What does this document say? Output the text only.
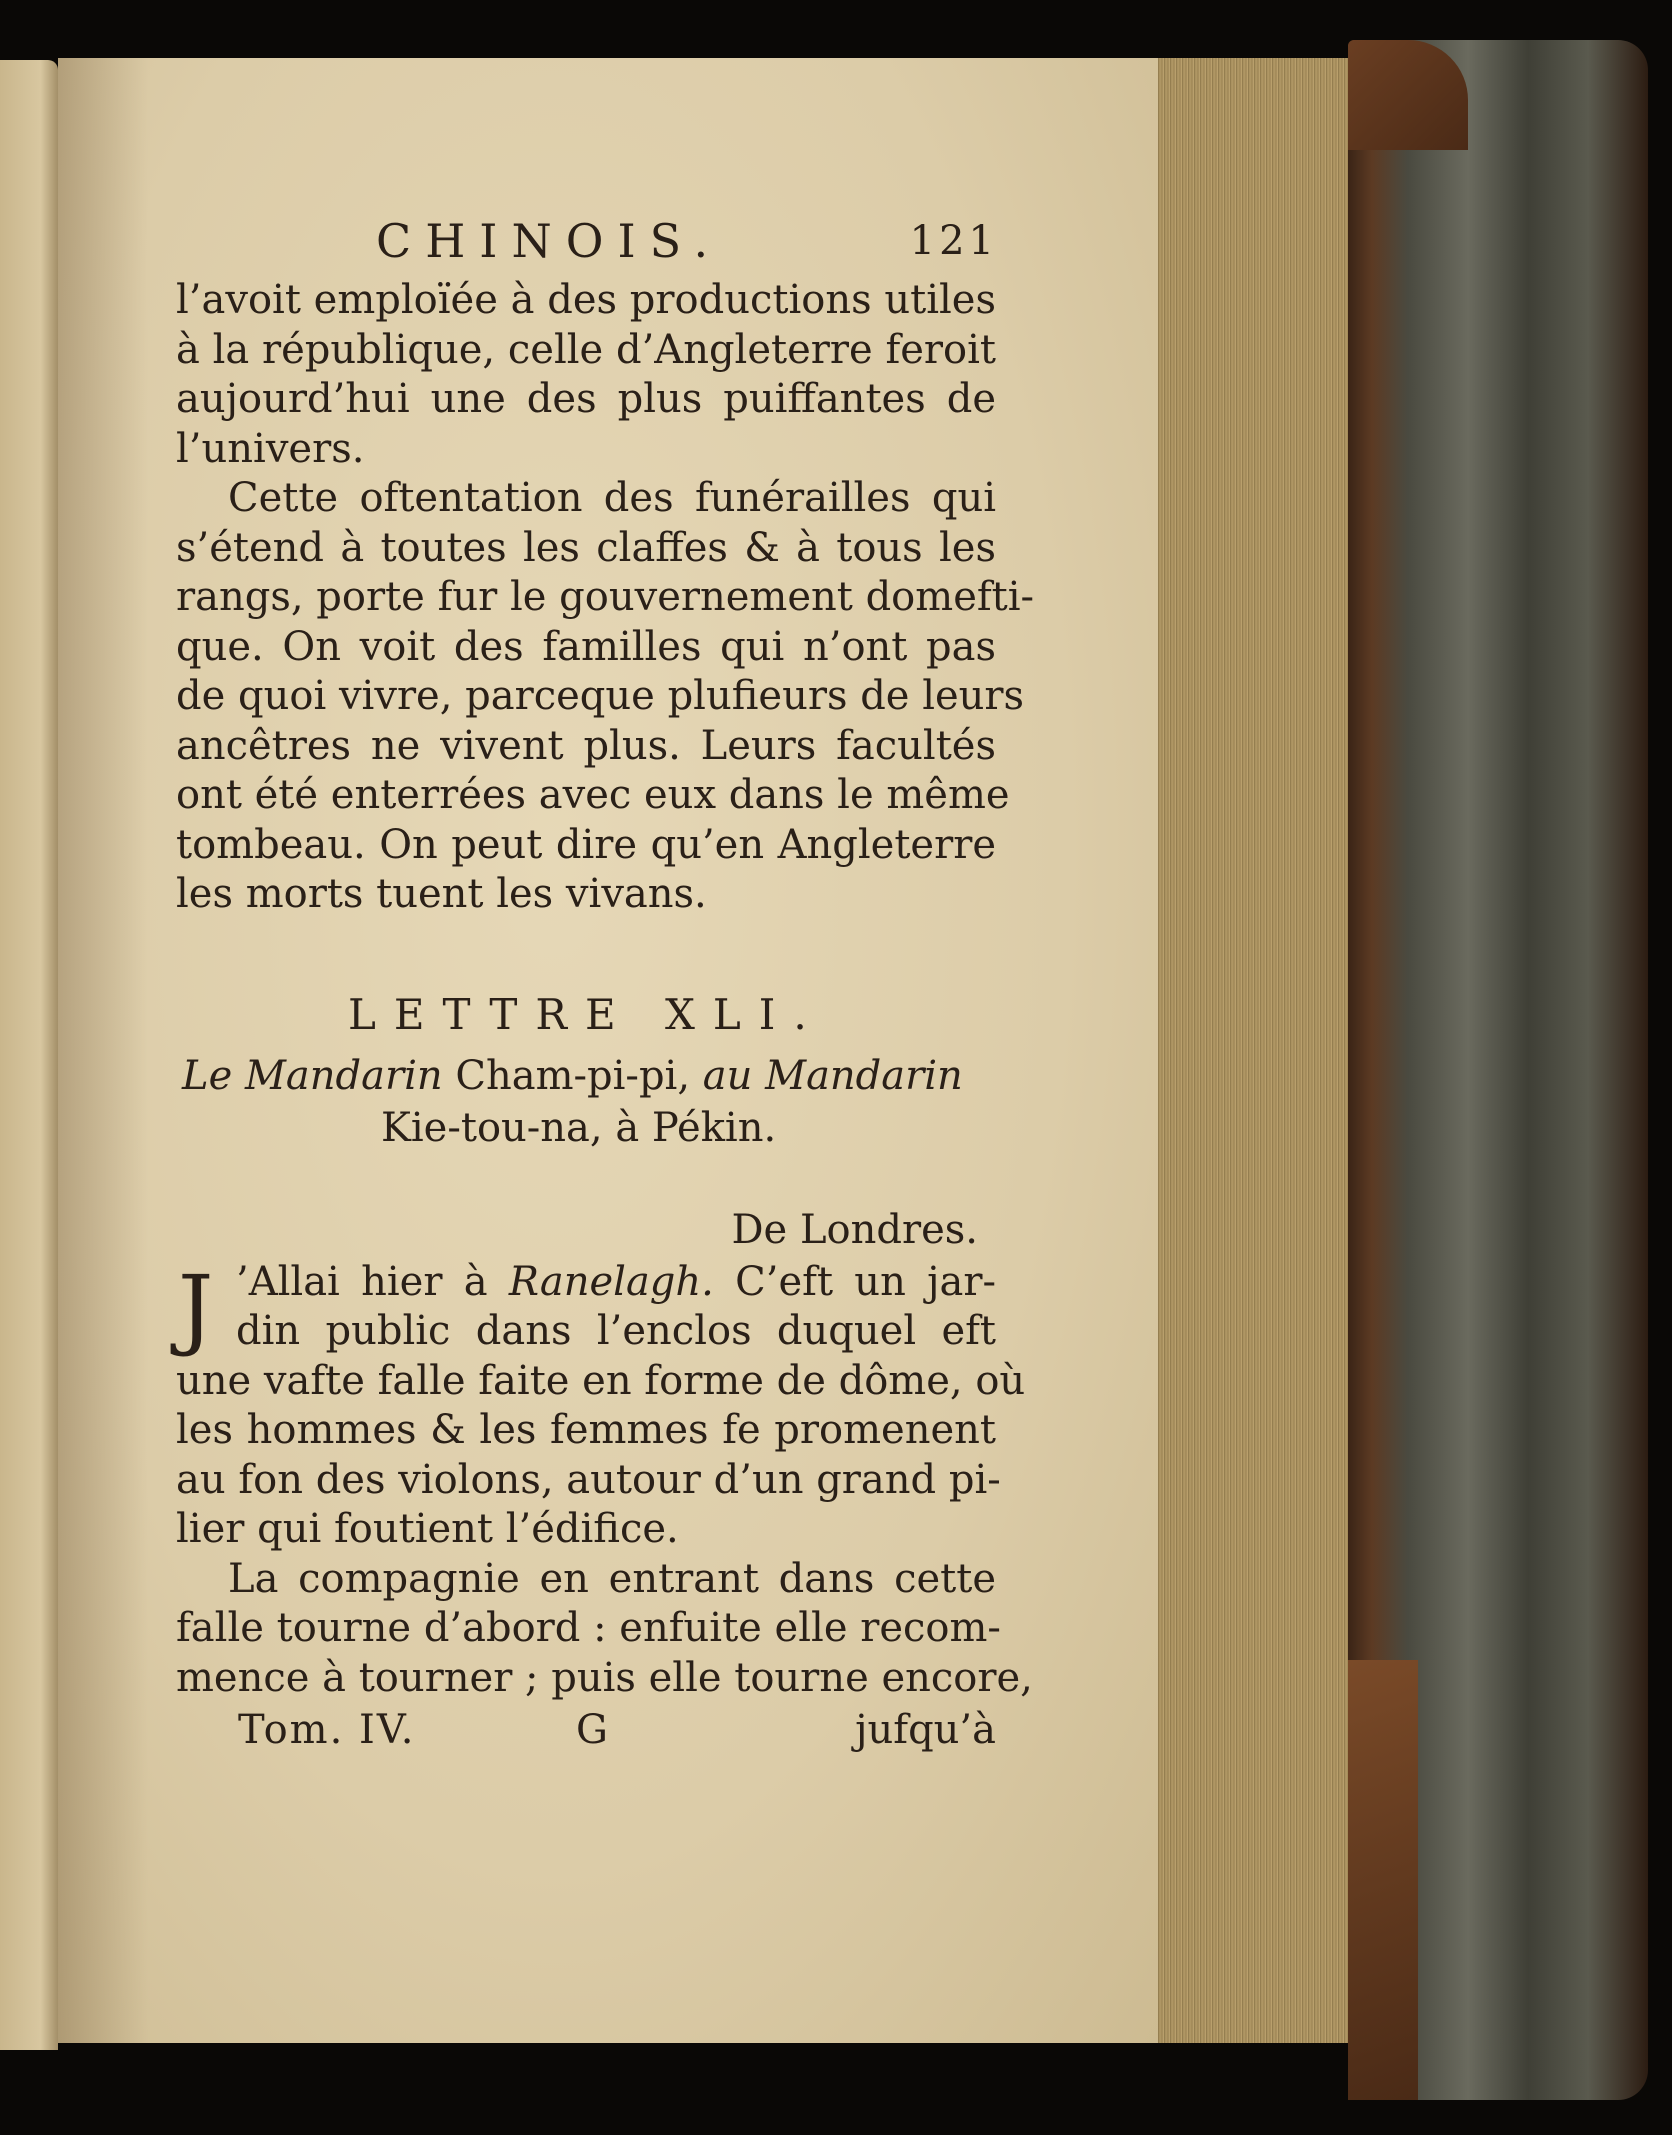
CHINOIS.	121
l’avoit emploïée à des productions utiles
à la république, celle d’Angleterre feroit
aujourd’hui une des plus puiffantes de
l’univers.
Cette oftentation des funérailles qui
s’étend à toutes les claffes & à tous les
rangs, porte fur le gouvernement domefti-
que. On voit des familles qui n’ont pas
de quoi vivre, parceque plufieurs de leurs
ancêtres ne vivent plus. Leurs facultés
ont été enterrées avec eux dans le même
tombeau. On peut dire qu’en Angleterre
les morts tuent les vivans.
LETTRE XLI.
Le Mandarin Cham-pi-pi, au Mandarin
Kie-tou-na, à Pékin.
De Londres.
J ’Allai hier à Ranelagh. C’eft un jar-
din public dans l’enclos duquel eft
une vafte falle faite en forme de dôme, où
les hommes & les femmes fe promenent
au fon des violons, autour d’un grand pi-
lier qui foutient l’édifice.
La compagnie en entrant dans cette
falle tourne d’abord : enfuite elle recom-
mence à tourner ; puis elle tourne encore,
Tom. IV.	G	jufqu’à
